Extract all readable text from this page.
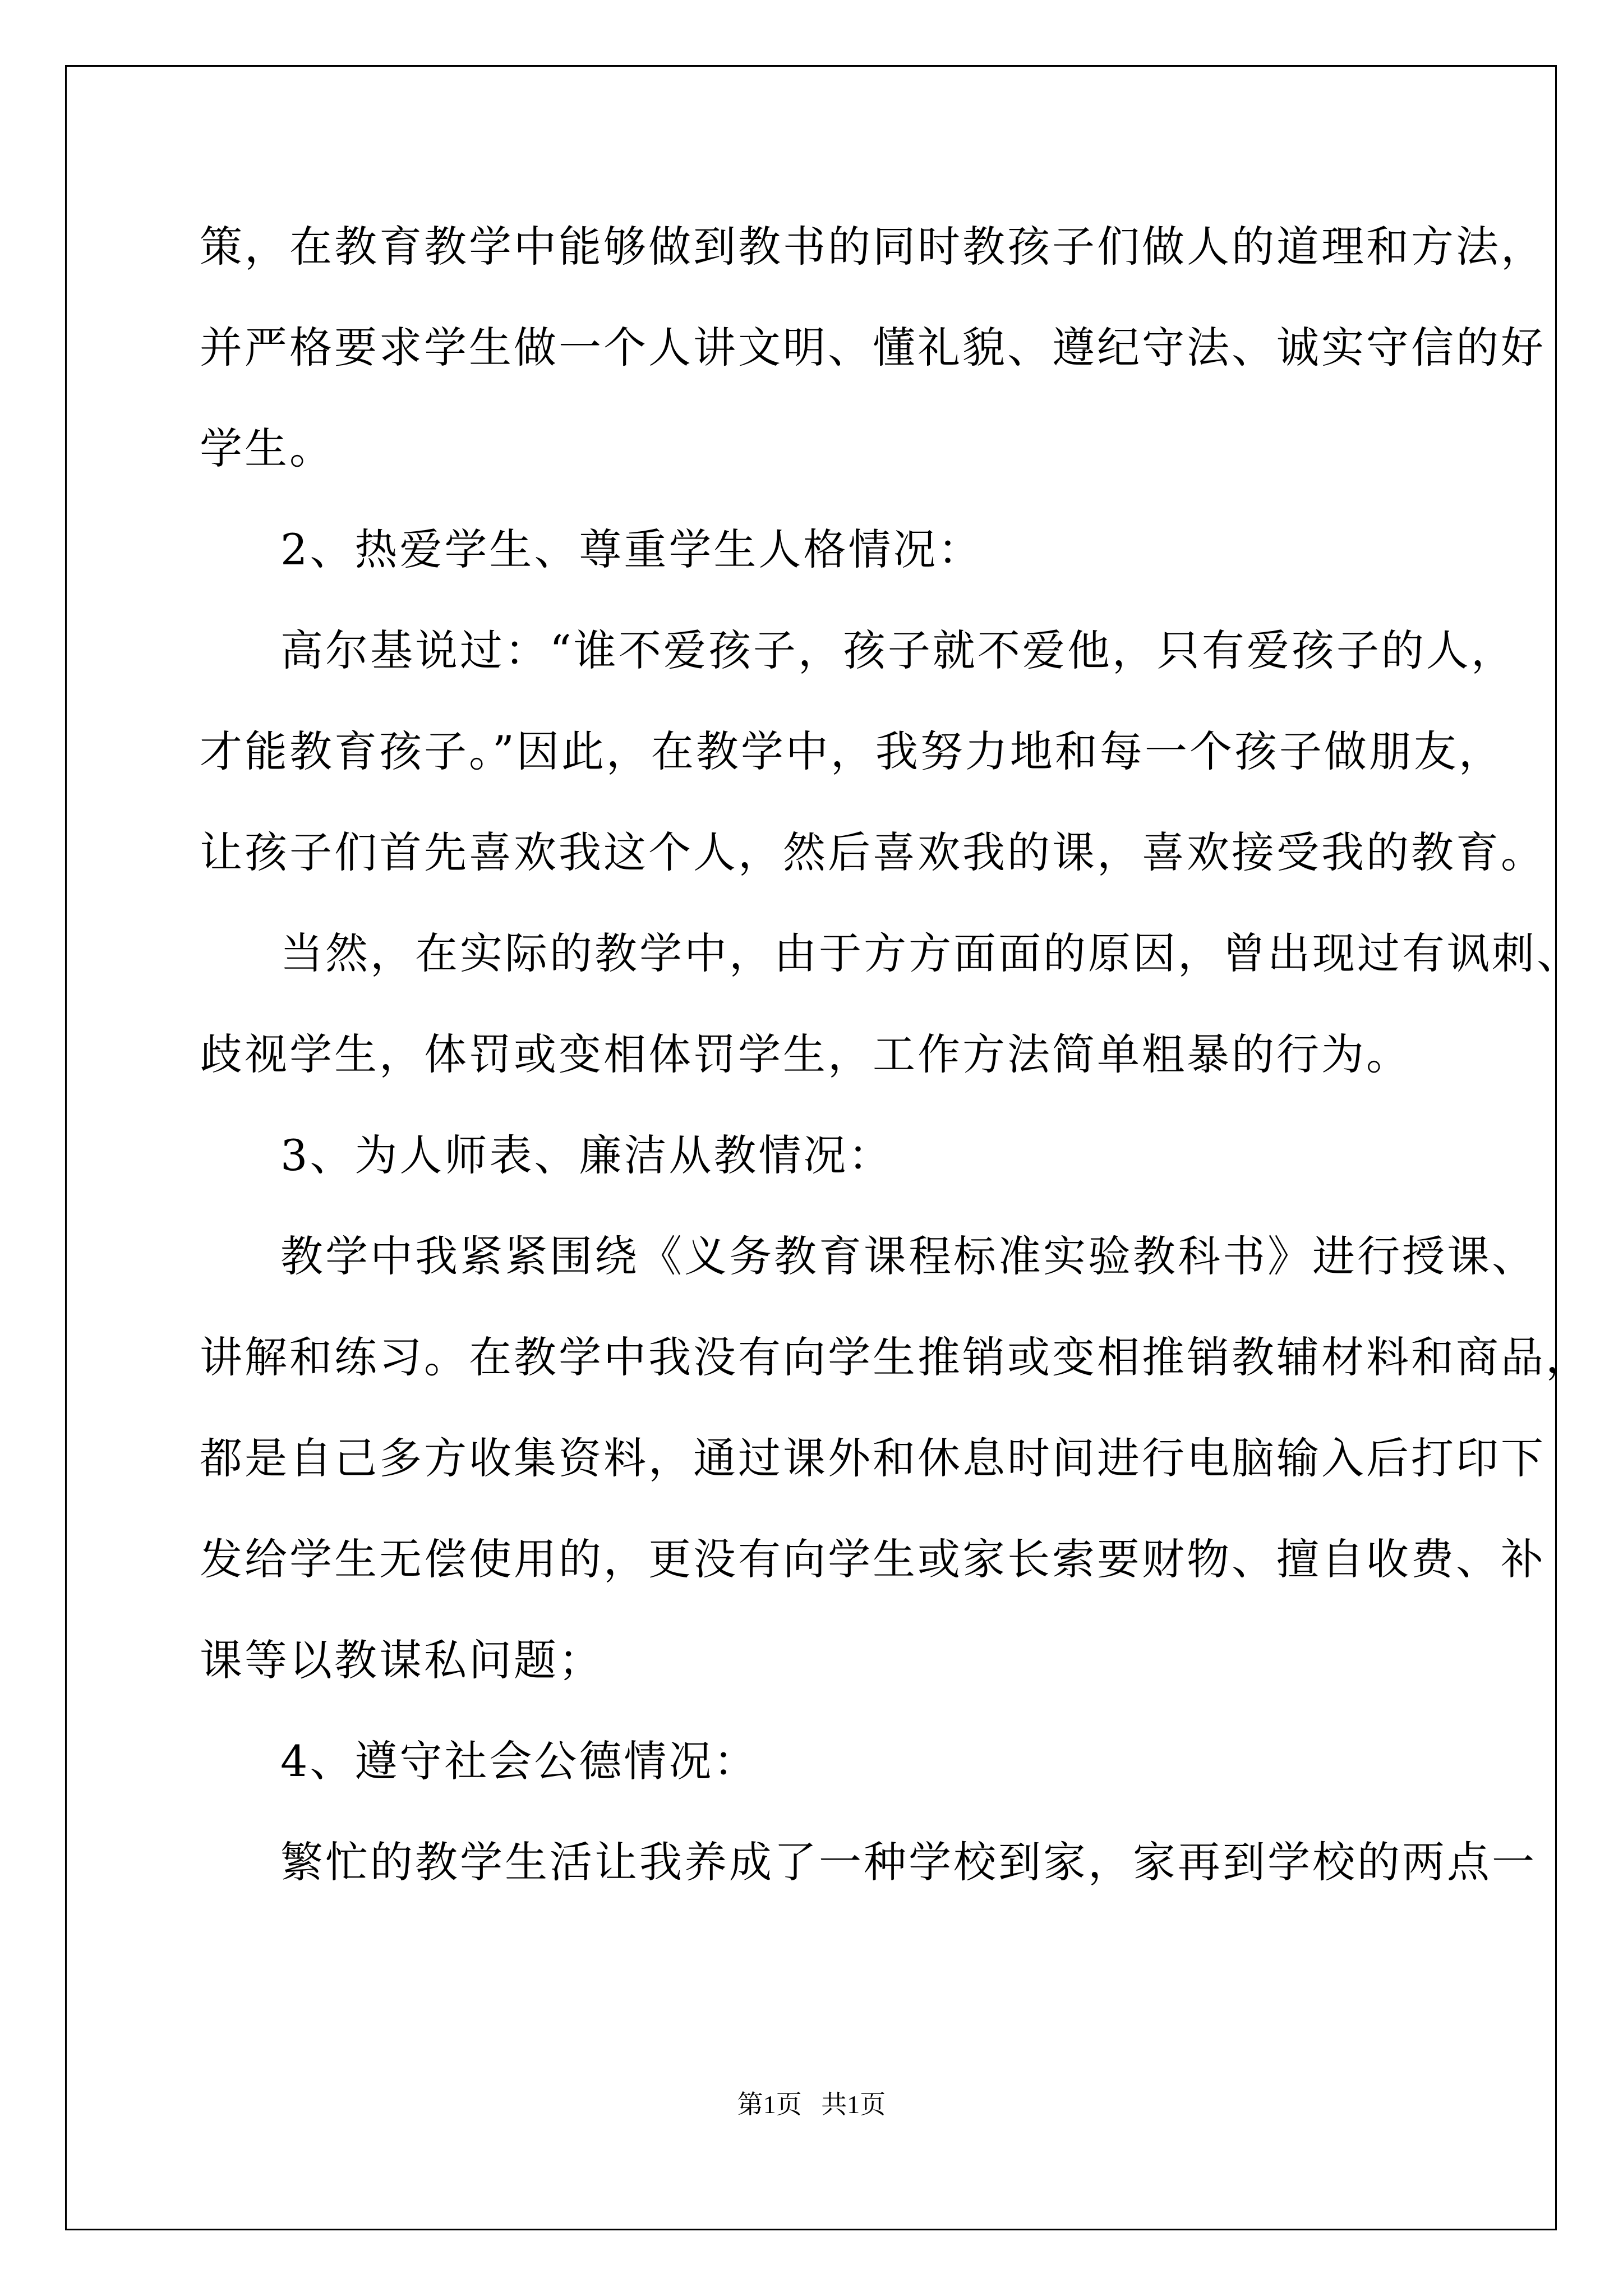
策，在教育教学中能够做到教书的同时教孩子们做人的道理和方法，
并严格要求学生做一个人讲文明、懂礼貌、遵纪守法、诚实守信的好
学生。
2、热爱学生、尊重学生人格情况：
高尔基说过：“谁不爱孩子，孩子就不爱他，只有爱孩子的人，
才能教育孩子。”因此，在教学中，我努力地和每一个孩子做朋友，
让孩子们首先喜欢我这个人，然后喜欢我的课，喜欢接受我的教育。
当然，在实际的教学中，由于方方面面的原因，曾出现过有讽刺、
歧视学生，体罚或变相体罚学生，工作方法简单粗暴的行为。
3、为人师表、廉洁从教情况：
教学中我紧紧围绕《义务教育课程标准实验教科书》进行授课、
讲解和练习。在教学中我没有向学生推销或变相推销教辅材料和商品，
都是自己多方收集资料，通过课外和休息时间进行电脑输入后打印下
发给学生无偿使用的，更没有向学生或家长索要财物、擅自收费、补
课等以教谋私问题；
4、遵守社会公德情况：
繁忙的教学生活让我养成了一种学校到家，家再到学校的两点一
第1页 共1页
